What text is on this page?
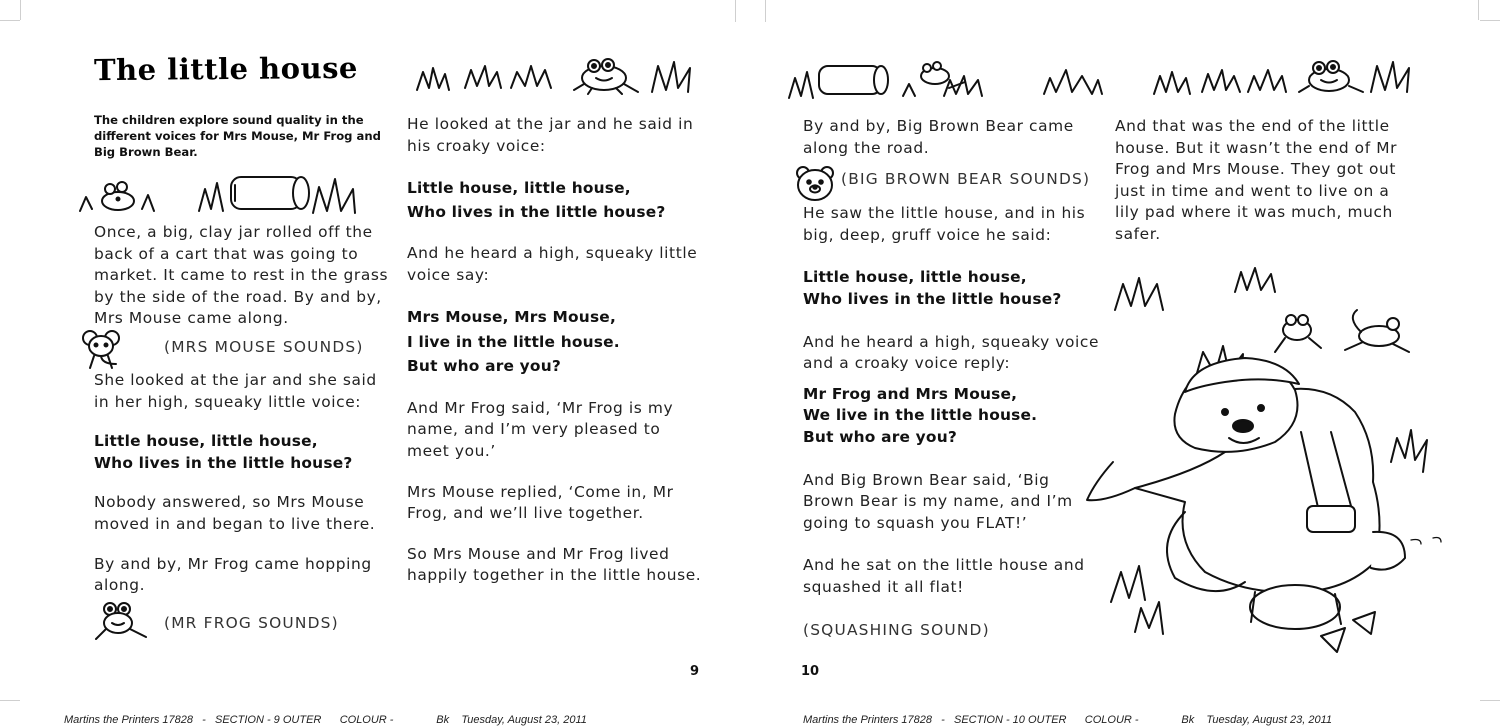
The little house
The children explore sound quality in the different voices for Mrs Mouse, Mr Frog and Big Brown Bear.

Once, a big, clay jar rolled off the back of a cart that was going to market. It came to rest in the grass by the side of the road. By and by, Mrs Mouse came along.

(MRS MOUSE SOUNDS)

She looked at the jar and she said in her high, squeaky little voice:

Little house, little house,

Who lives in the little house?

Nobody answered, so Mrs Mouse moved in and began to live there.

By and by, Mr Frog came hopping along.

(MR FROG SOUNDS)

He looked at the jar and he said in his croaky voice:

Little house, little house,

Who lives in the little house?

And he heard a high, squeaky little voice say:

Mrs Mouse, Mrs Mouse,

I live in the little house.

But who are you?

And Mr Frog said, ‘Mr Frog is my name, and I’m very pleased to meet you.’

Mrs Mouse replied, ‘Come in, Mr Frog, and we’ll live together.

So Mrs Mouse and Mr Frog lived happily together in the little house.

9
Martins the Printers 17828   -   SECTION - 9 OUTER      COLOUR -              Bk    Tuesday, August 23, 2011

By and by, Big Brown Bear came along the road.

(BIG BROWN BEAR SOUNDS)

He saw the little house, and in his big, deep, gruff voice he said:

Little house, little house,

Who lives in the little house?

And he heard a high, squeaky voice and a croaky voice reply:

Mr Frog and Mrs Mouse,

We live in the little house.

But who are you?

And Big Brown Bear said, ‘Big Brown Bear is my name, and I’m going to squash you FLAT!’

And he sat on the little house and squashed it all flat!

(SQUASHING SOUND)

And that was the end of the little house. But it wasn’t the end of Mr Frog and Mrs Mouse. They got out just in time and went to live on a lily pad where it was much, much safer.

10
Martins the Printers 17828   -   SECTION - 10 OUTER      COLOUR -              Bk    Tuesday, August 23, 2011
